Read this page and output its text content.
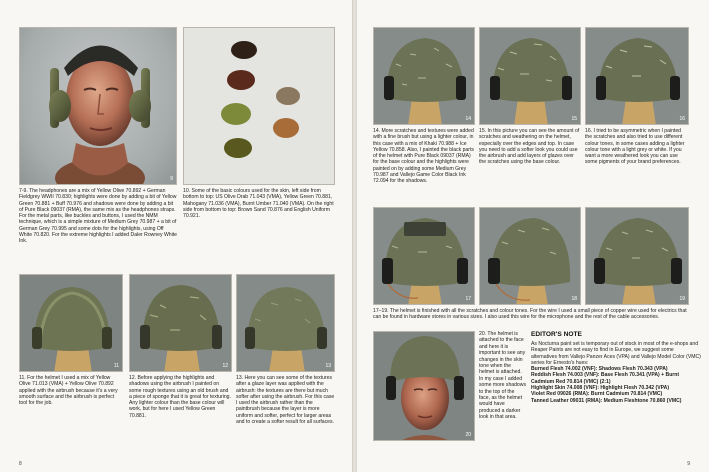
9
11	12	13
7-9. The headphones are a mix of Yellow Olive 70.892 + German Fieldgrey WWII 70.830; highlights were done by adding a bit of Yellow Green 70.881 + Buff 70.976 and shadows were done by adding a bit of Pure Black 09037 (RMA), the same mix as the headphones straps. For the metal parts, like buckles and buttons, I used the NMM technique, which is a simple mixture of Medium Grey 70.987 + a bit of German Grey 70.995 and some dots for the highlights, using Off White 70.820. For the extreme highlights I added Daler Rowney White Ink.
10. Some of the basic colours used for the skin, left side from bottom to top: US Olive Drab 71.043 (VMA), Yellow Green 70.881, Mahogany 71.036 (VMA), Burnt Umber 71.040 (VMA). On the right side from bottom to top: Brown Sand 70.876 and English Uniform 70.921.
11. For the helmet I used a mix of Yellow Olive 71.013 (VMA) + Yellow Olive 70.892 applied with the airbrush because it's a very smooth surface and the airbrush is perfect tool for the job.
12. Before applying the highlights and shadows using the airbrush I painted on some rough textures using an old brush and a piece of sponge that it is great for texturing. Any lighter colour than the base colour will work, but for here I used Yellow Green 70.881.
13. Here you can see some of the textures after a glaze layer was applied with the airbrush: the textures are there but much softer after using the airbrush. For this case I used the airbrush rather than the paintbrush because the layer is more uniform and softer, perfect for larger areas and to create a softer result for all surfaces.
8
14	15	16
17	18	19
20
14. More scratches and textures were added with a fine brush but using a lighter colour, in this case with a mix of Khaki 70.988 + Ice Yellow 70.858. Also, I painted the black parts of the helmet with Pure Black 09037 (RMA) for the base colour and the highlights were painted on by adding some Medium Grey 70.987 and Vallejo Game Color Black Ink 72.094 for the shadows.
15. In this picture you can see the amount of scratches and weathering on the helmet, especially over the edges and top. In case you need to add a softer look you could use the airbrush and add layers of glazes over the scratches using the base colour.
16. I tried to be asymmetric when I painted the scratches and also tried to use different colour tones, in some cases adding a lighter colour tone with a light grey or white. If you want a more weathered look you can use some pigments of your brand preferences.
17–19. The helmet is finished with all the scratches and colour tones. For the wire I used a small piece of copper wire used for electrics that can be found in hardware stores in various sizes. I also used this wire for the microphone and the rest of the cable accessories.
20. The helmet is attached to the face and here it is important to see any changes in the skin tone when the helmet is attached. In my case I added some more shadows to the top of the face, as the helmet would have produced a darker look in that area.
EDITOR'S NOTE
As Nocturna paint set is temporary out of stock in most of the e-shops and Reaper Paints are not easy to find in Europe, we suggest some alternatives from Vallejo Panzer Aces (VPA) and Vallejo Model Color (VMC) series for Ernesto's hues:
Burned Flesh 74.002 (VNF): Shadows Flesh 70.343 (VPA)
Reddish Flesh 74.003 (VNF): Base Flesh 70.341 (VPA) + Burnt Cadmium Red 70.814 (VMC) (2:1)
Highlight Skin 74.008 (VNF): Highlight Flesh 70.342 (VPA)
Violet Red 09026 (RMA): Burnt Cadmium 70.814 (VMC)
Tanned Leather 09031 (RMA): Medium Fleshtone 70.860 (VMC)
9
